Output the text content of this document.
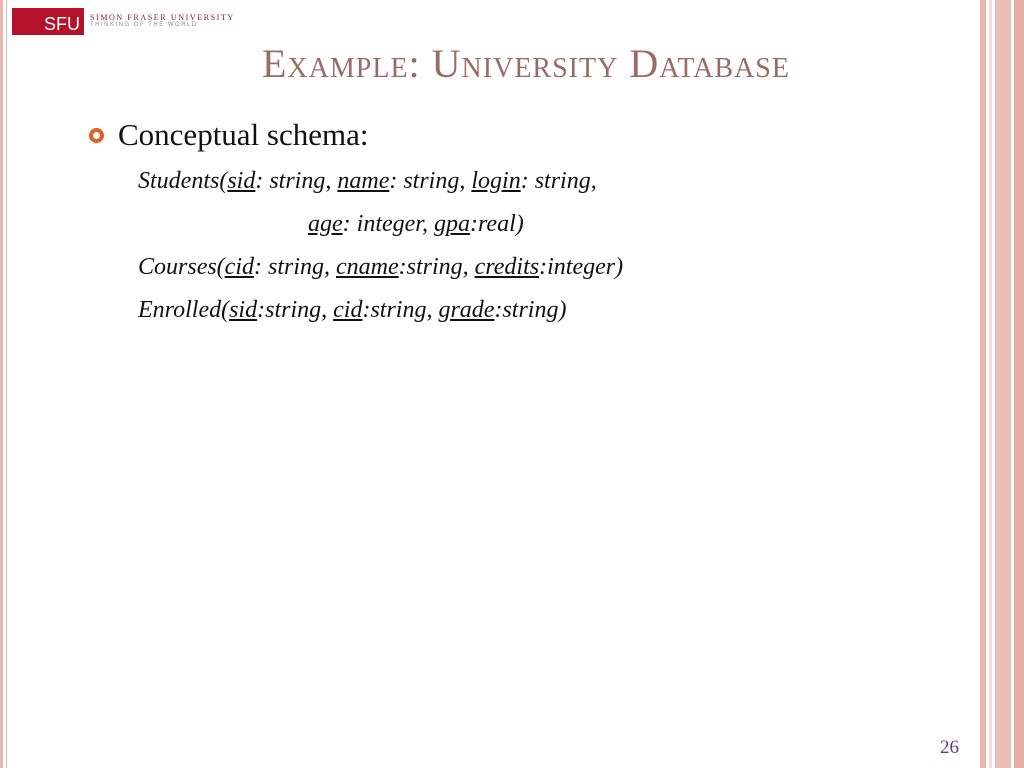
SFU SIMON FRASER UNIVERSITY
THINKING OF THE WORLD
Example: University Database
Conceptual schema:
Students(sid: string, name: string, login: string,
age: integer, gpa:real)
Courses(cid: string, cname:string, credits:integer)
Enrolled(sid:string, cid:string, grade:string)
26
